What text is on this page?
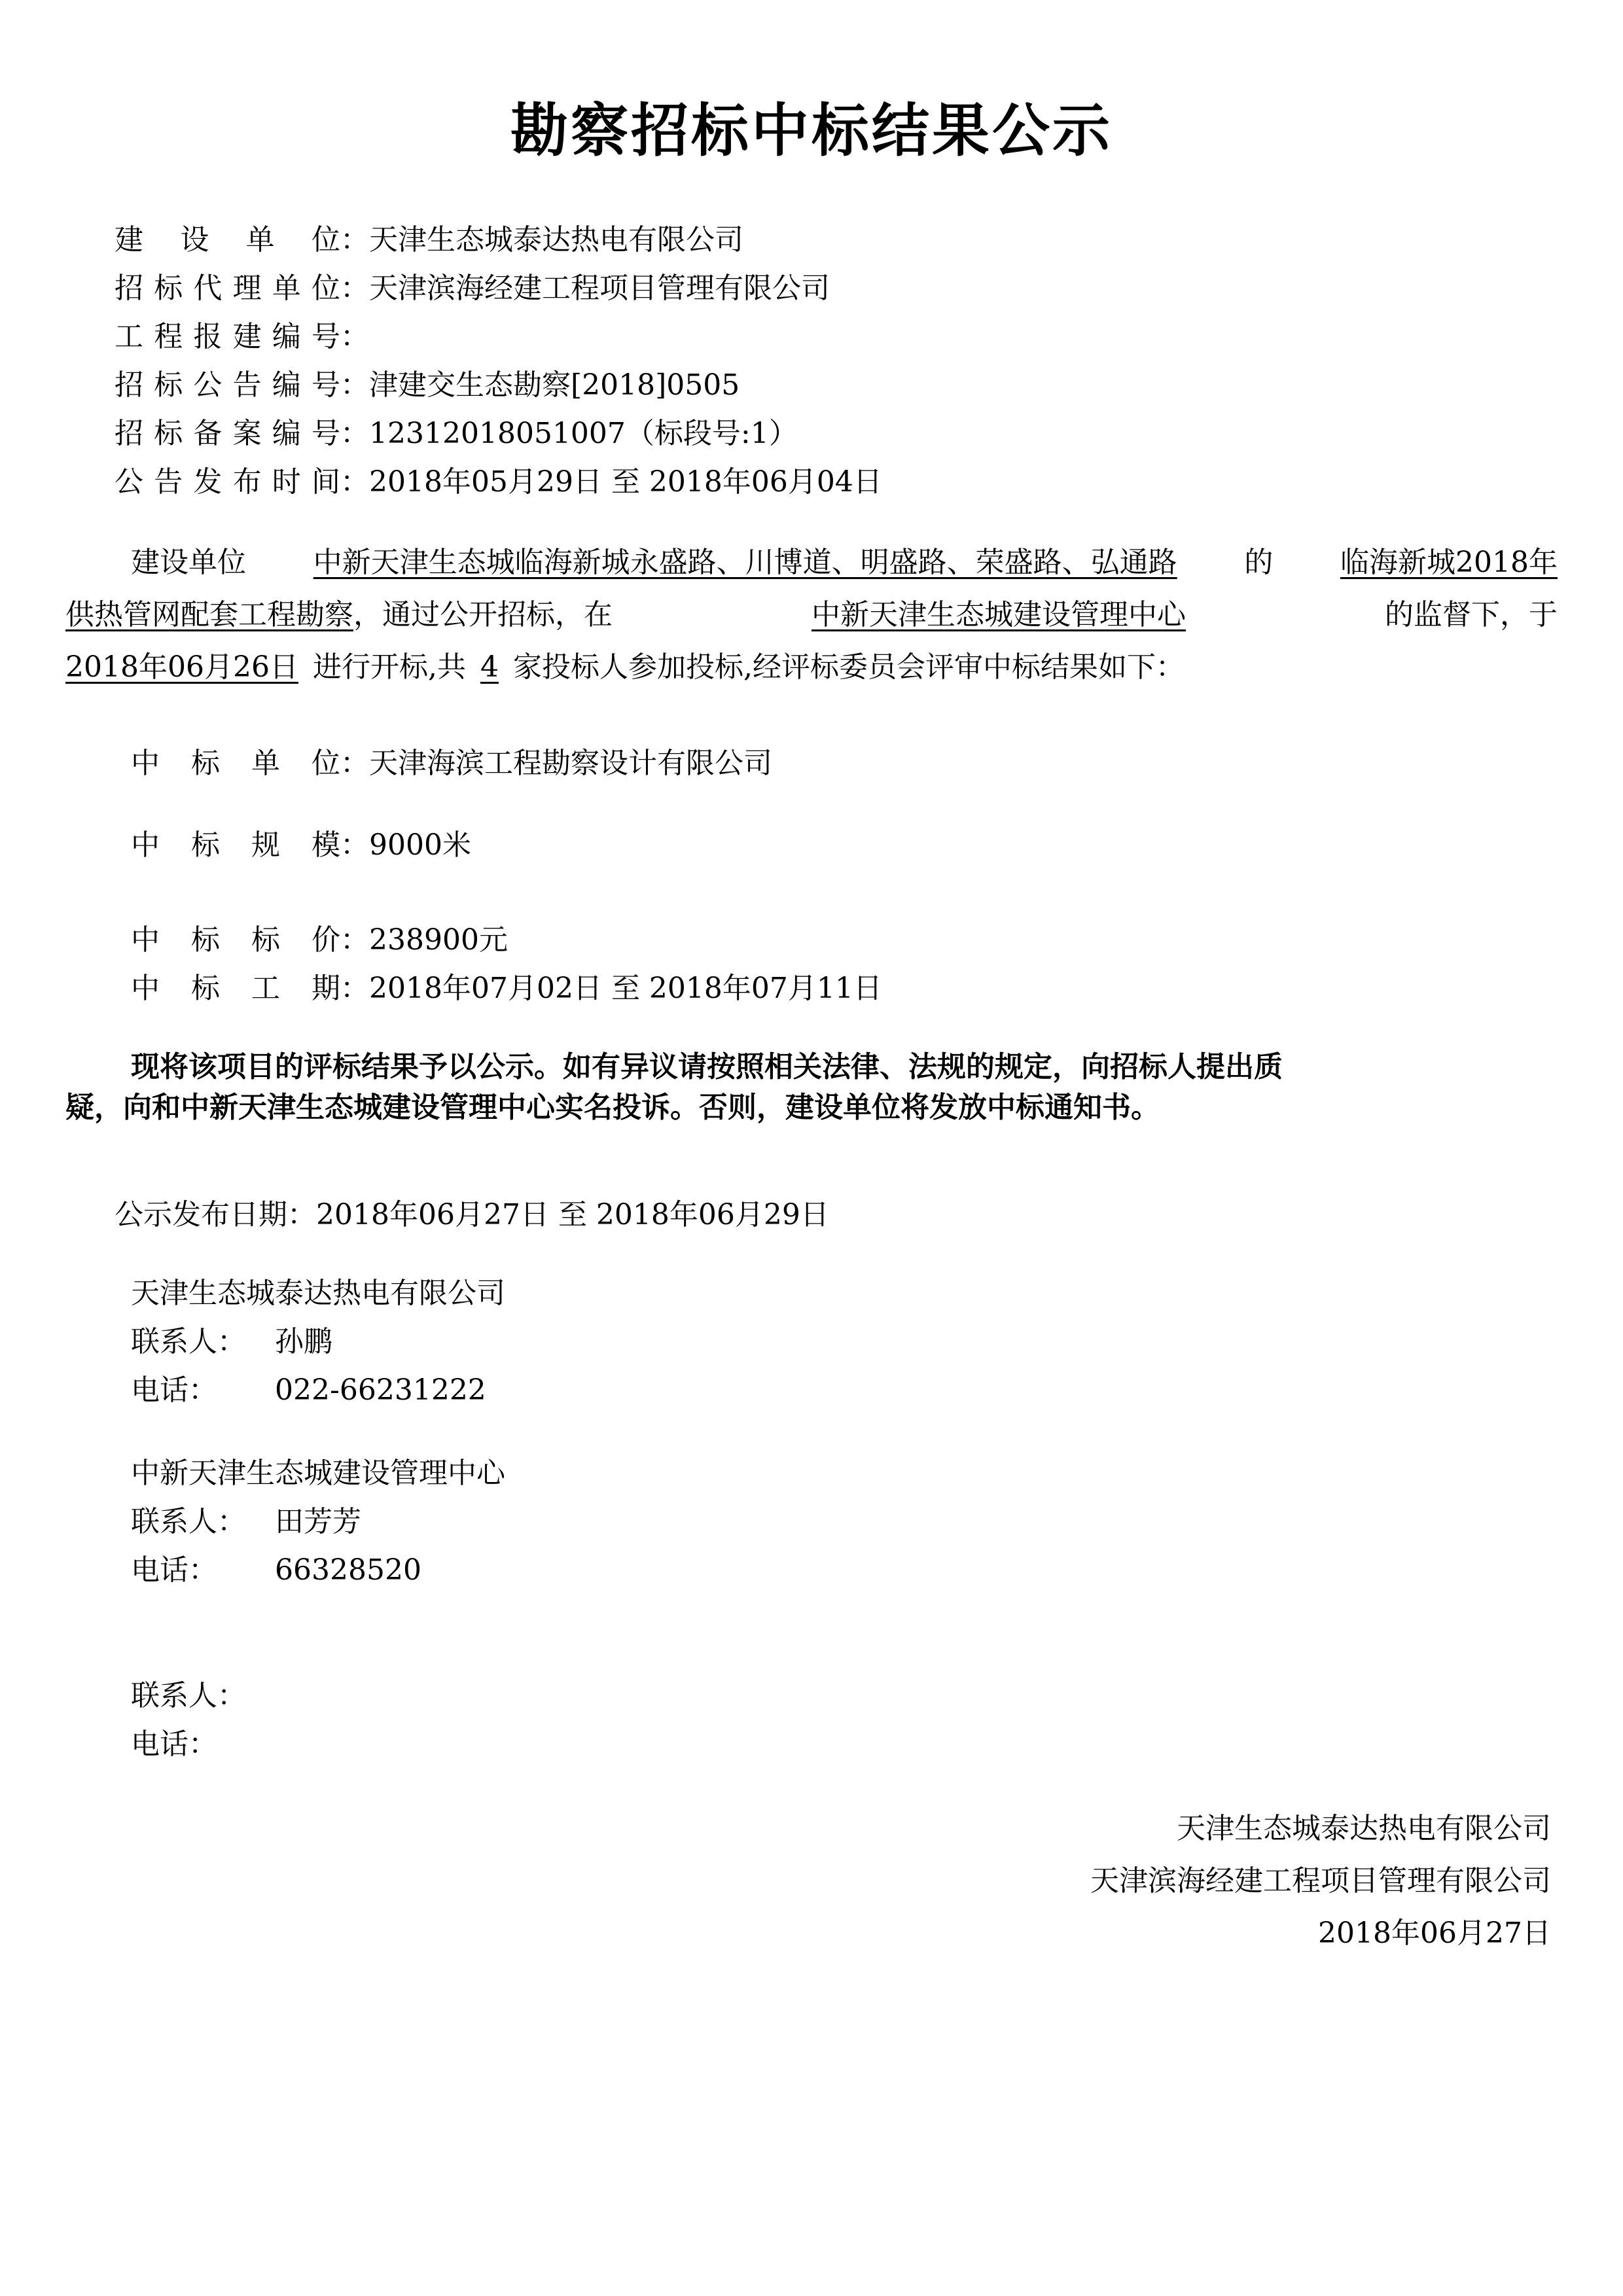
勘察招标中标结果公示
建设单位：天津生态城泰达热电有限公司
招标代理单位：天津滨海经建工程项目管理有限公司
工程报建编号：
招标公告编号：津建交生态勘察[2018]0505
招标备案编号：12312018051007（标段号:1）
公告发布时间：2018年05月29日 至 2018年06月04日
建设单位 中新天津生态城临海新城永盛路、川博道、明盛路、荣盛路、弘通路 的 临海新城2018年
供热管网配套工程勘察，通过公开招标，在	中新天津生态城建设管理中心	的监督下，于
2018年06月26日 进行开标,共 4 家投标人参加投标,经评标委员会评审中标结果如下：
中标单位：天津海滨工程勘察设计有限公司
中标规模：9000米
中标标价：238900元
中标工期：2018年07月02日 至 2018年07月11日
现将该项目的评标结果予以公示。如有异议请按照相关法律、法规的规定，向招标人提出质
疑，向和中新天津生态城建设管理中心实名投诉。否则，建设单位将发放中标通知书。
公示发布日期：2018年06月27日 至 2018年06月29日
天津生态城泰达热电有限公司
联系人： 孙鹏
电话： 022-66231222
中新天津生态城建设管理中心
联系人： 田芳芳
电话： 66328520
联系人：
电话：
天津生态城泰达热电有限公司
天津滨海经建工程项目管理有限公司
2018年06月27日
